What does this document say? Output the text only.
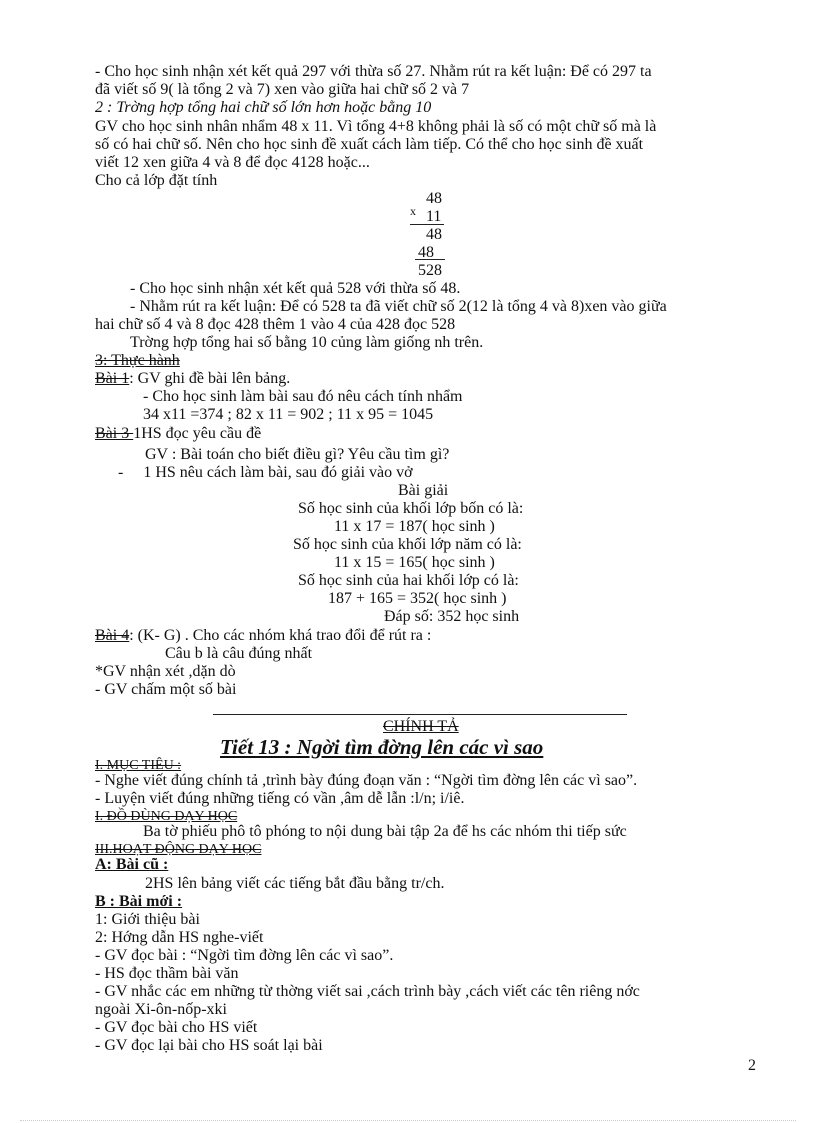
- Cho học sinh nhận xét kết quả 297 với thừa số 27. Nhằm rút ra kết luận: Để có 297 ta
đã viết số 9( là tổng 2 và 7) xen vào giữa hai chữ số 2 và 7
2 : Trờng hợp tổng hai chữ số lớn hơn hoặc bằng 10
GV cho học sinh nhân nhẩm 48 x 11. Vì tổng 4+8 không phải là số có một chữ số mà là
số có hai chữ số. Nên cho học sinh đề xuất cách làm tiếp. Có thể cho học sinh đề xuất
viết 12 xen giữa 4 và 8 để đọc 4128 hoặc...
Cho cả lớp đặt tính
48
x 11
48
48
528
- Cho học sinh nhận xét kết quả 528 với thừa số 48.
- Nhằm rút ra kết luận: Để có 528 ta đã viết chữ số 2(12 là tổng 4 và 8)xen vào giữa
hai chữ số 4 và 8 đọc 428 thêm 1 vào 4 của 428 đọc 528
Trờng hợp tổng hai số bằng 10 củng làm giống nh trên.
3: Thực hành
Bài 1: GV ghi đề bài lên bảng.
- Cho học sinh làm bài sau đó nêu cách tính nhẩm
34 x11 =374 ; 82 x 11 = 902 ; 11 x 95 = 1045
Bài 3 1HS đọc yêu cầu đề
GV : Bài toán cho biết điều gì? Yêu cầu tìm gì?
- 1 HS nêu cách làm bài, sau đó giải vào vở
Bài giải
Số học sinh của khối lớp bốn có là:
11 x 17 = 187( học sinh )
Số học sinh của khối lớp năm có là:
11 x 15 = 165( học sinh )
Số học sinh của hai khối lớp có là:
187 + 165 = 352( học sinh )
Đáp số: 352 học sinh
Bài 4: (K- G) . Cho các nhóm khá trao đổi để rút ra :
Câu b là câu đúng nhất
*GV nhận xét ,dặn dò
- GV chấm một số bài
CHÍNH TẢ
Tiết 13 : Ngời tìm đờng lên các vì sao
I. MỤC TIÊU :
- Nghe viết đúng chính tả ,trình bày đúng đoạn văn : “Ngời tìm đờng lên các vì sao”.
- Luyện viết đúng những tiếng có vần ,âm dễ lẫn :l/n; i/iê.
I. ĐỒ DÙNG DẠY HỌC
Ba tờ phiếu phô tô phóng to nội dung bài tập 2a để hs các nhóm thi tiếp sức
III.HOẠT ĐỘNG DẠY HỌC
A: Bài cũ :
2HS lên bảng viết các tiếng bắt đầu bằng tr/ch.
B : Bài mới :
1: Giới thiệu bài
2: Hớng dẫn HS nghe-viết
- GV đọc bài : “Ngời tìm đờng lên các vì sao”.
- HS đọc thầm bài văn
- GV nhắc các em những từ thờng viết sai ,cách trình bày ,cách viết các tên riêng nớc
ngoài Xi-ôn-nốp-xki
- GV đọc bài cho HS viết
- GV đọc lại bài cho HS soát lại bài
2
